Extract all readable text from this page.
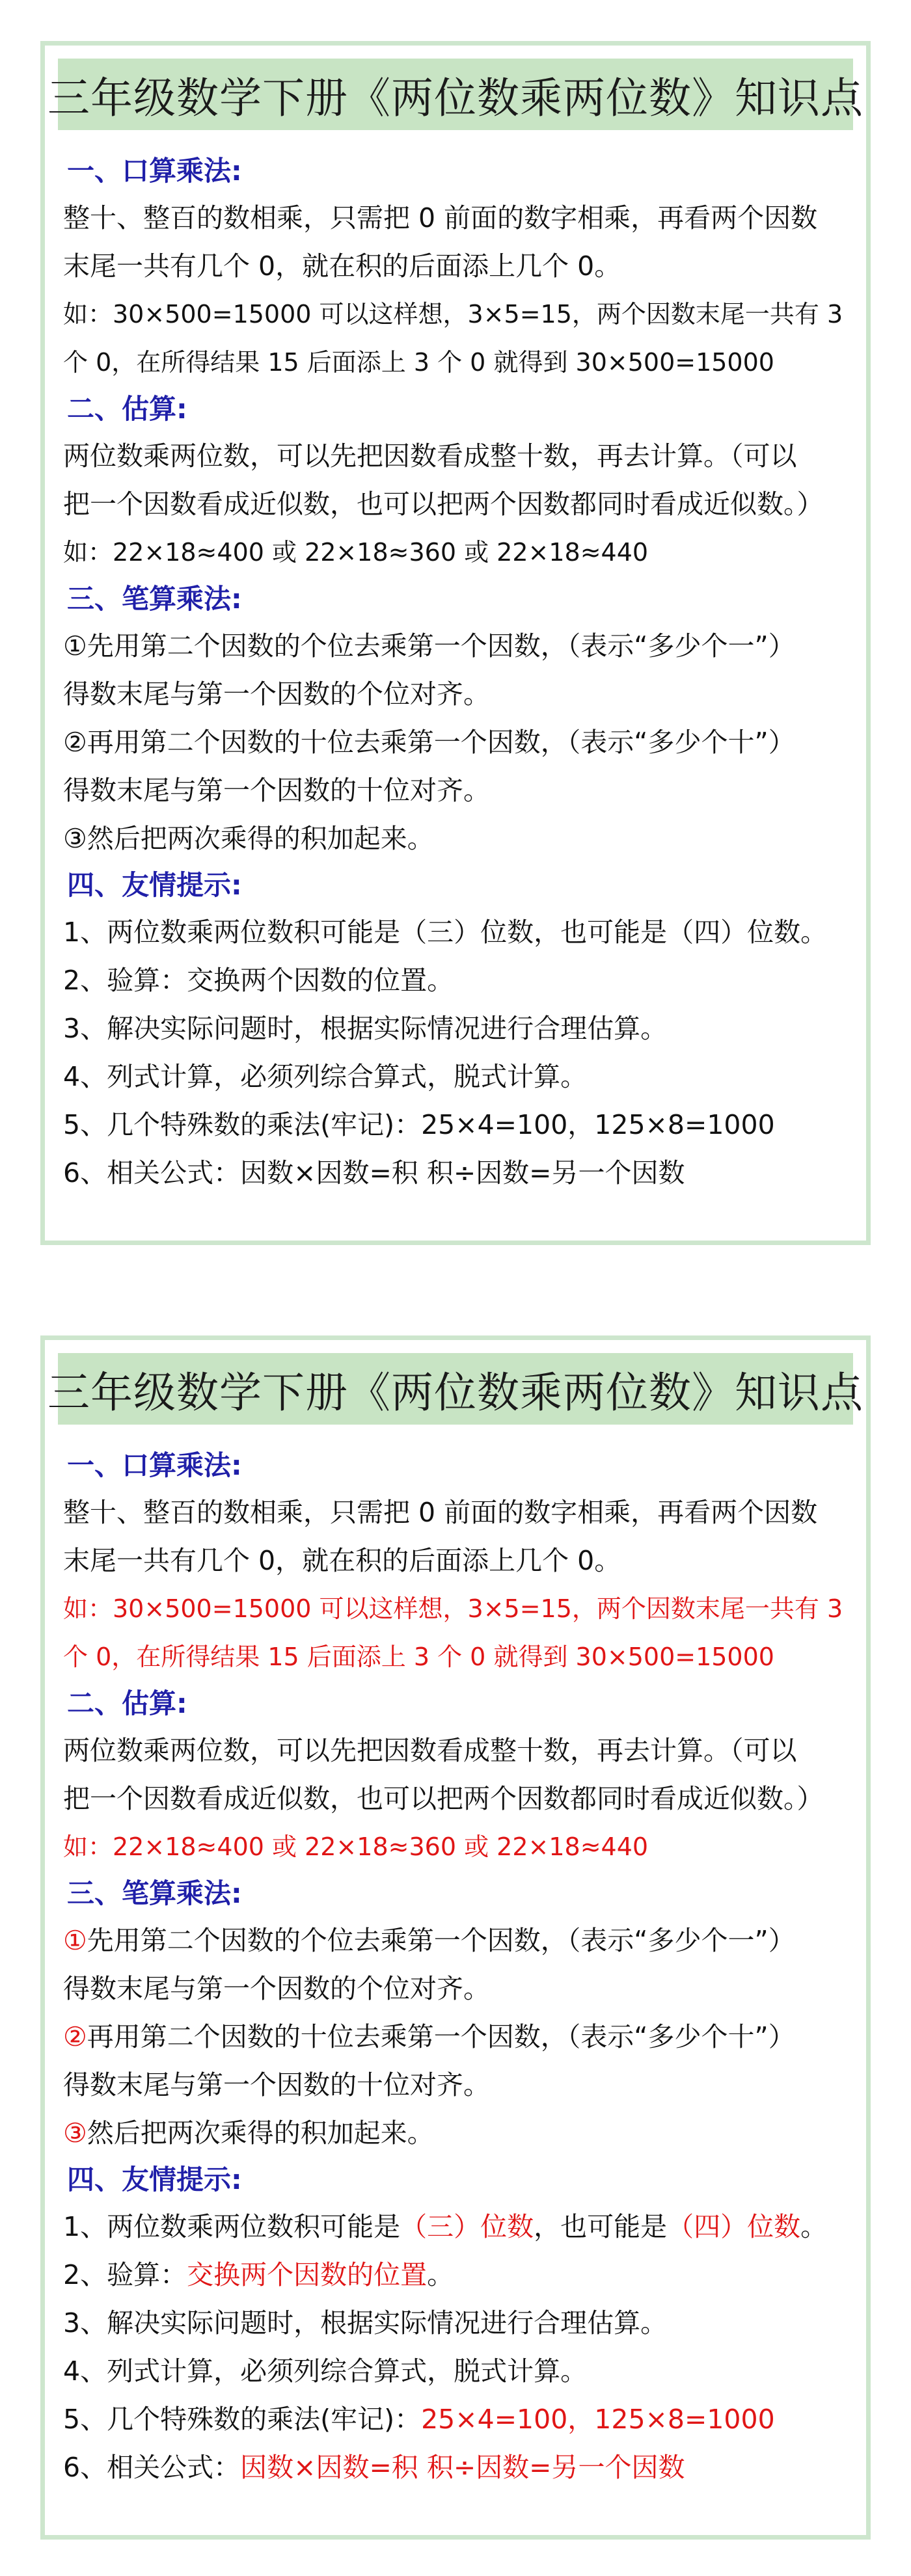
三年级数学下册《两位数乘两位数》知识点
一、口算乘法:
整十、整百的数相乘，只需把 0 前面的数字相乘，再看两个因数
末尾一共有几个 0，就在积的后面添上几个 0。
如：30×500=15000 可以这样想，3×5=15，两个因数末尾一共有 3
个 0，在所得结果 15 后面添上 3 个 0 就得到 30×500=15000
二、估算:
两位数乘两位数，可以先把因数看成整十数，再去计算。（可以
把一个因数看成近似数，也可以把两个因数都同时看成近似数。）
如：22×18≈400 或 22×18≈360 或 22×18≈440
三、笔算乘法:
①先用第二个因数的个位去乘第一个因数，（表示“多少个一”）
得数末尾与第一个因数的个位对齐。
②再用第二个因数的十位去乘第一个因数，（表示“多少个十”）
得数末尾与第一个因数的十位对齐。
③然后把两次乘得的积加起来。
四、友情提示:
1、两位数乘两位数积可能是（三）位数，也可能是（四）位数。
2、验算：交换两个因数的位置。
3、解决实际问题时，根据实际情况进行合理估算。
4、列式计算，必须列综合算式，脱式计算。
5、几个特殊数的乘法(牢记)：25×4=100，125×8=1000
6、相关公式：因数×因数=积 积÷因数=另一个因数
三年级数学下册《两位数乘两位数》知识点
一、口算乘法:
整十、整百的数相乘，只需把 0 前面的数字相乘，再看两个因数
末尾一共有几个 0，就在积的后面添上几个 0。
如：30×500=15000 可以这样想，3×5=15，两个因数末尾一共有 3
个 0，在所得结果 15 后面添上 3 个 0 就得到 30×500=15000
二、估算:
两位数乘两位数，可以先把因数看成整十数，再去计算。（可以
把一个因数看成近似数，也可以把两个因数都同时看成近似数。）
如：22×18≈400 或 22×18≈360 或 22×18≈440
三、笔算乘法:
①先用第二个因数的个位去乘第一个因数，（表示“多少个一”）
得数末尾与第一个因数的个位对齐。
②再用第二个因数的十位去乘第一个因数，（表示“多少个十”）
得数末尾与第一个因数的十位对齐。
③然后把两次乘得的积加起来。
四、友情提示:
1、两位数乘两位数积可能是（三）位数，也可能是（四）位数。
2、验算：交换两个因数的位置。
3、解决实际问题时，根据实际情况进行合理估算。
4、列式计算，必须列综合算式，脱式计算。
5、几个特殊数的乘法(牢记)：25×4=100，125×8=1000
6、相关公式：因数×因数=积 积÷因数=另一个因数
